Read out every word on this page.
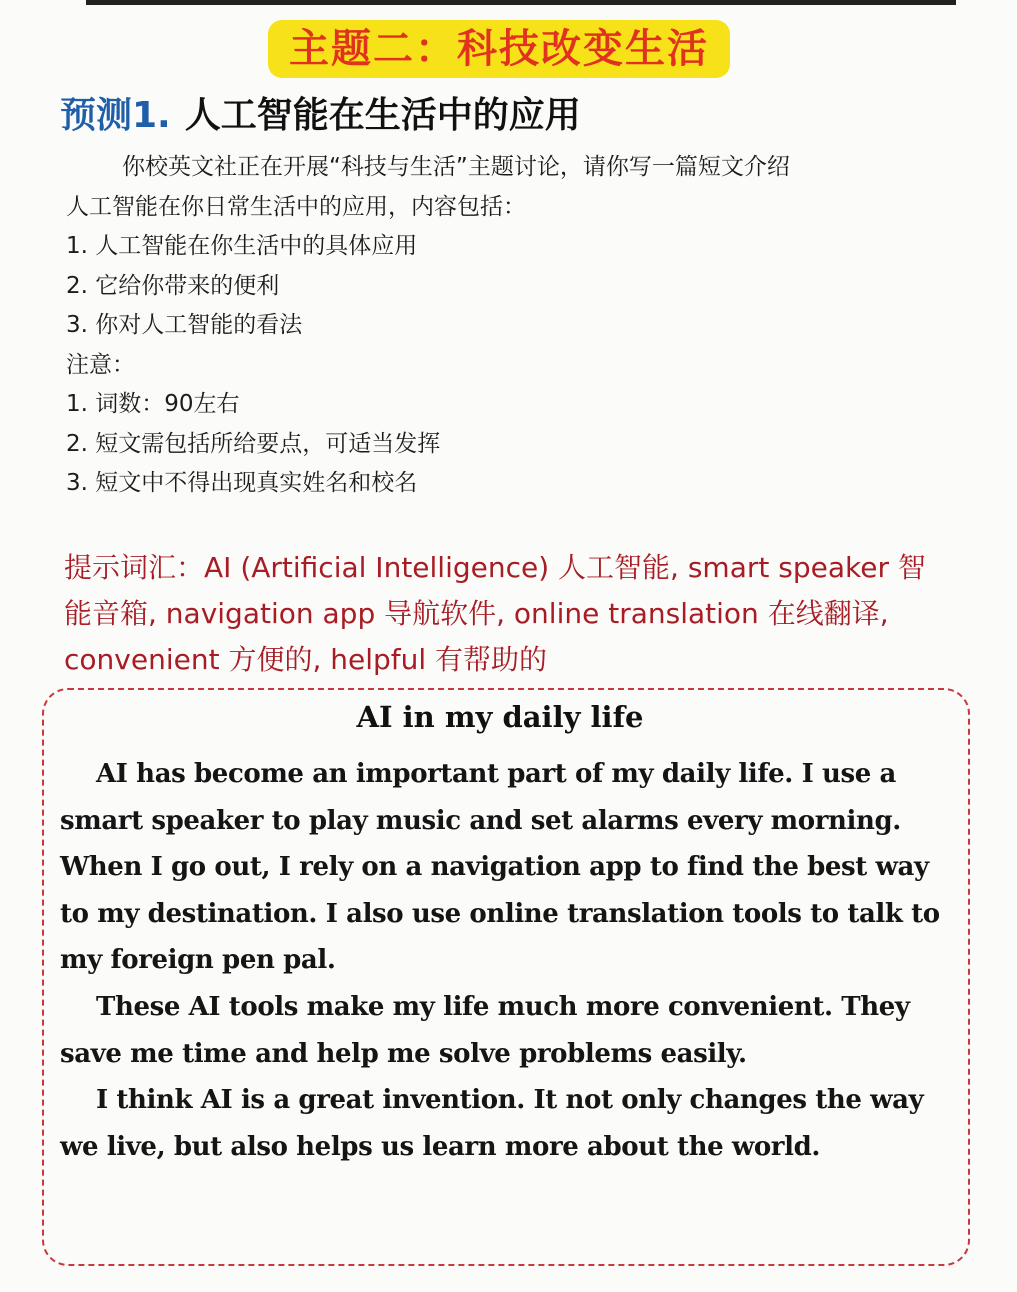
主题二：科技改变生活
预测1. 人工智能在生活中的应用

你校英文社正在开展“科技与生活”主题讨论，请你写一篇短文介绍

人工智能在你日常生活中的应用，内容包括：

1. 人工智能在你生活中的具体应用

2. 它给你带来的便利

3. 你对人工智能的看法

注意：

1. 词数：90左右

2. 短文需包括所给要点，可适当发挥

3. 短文中不得出现真实姓名和校名

提示词汇：AI (Artificial Intelligence) 人工智能, smart speaker 智能音箱, navigation app 导航软件, online translation 在线翻译, convenient 方便的, helpful 有帮助的

AI in my daily life

AI has become an important part of my daily life. I use a smart speaker to play music and set alarms every morning. When I go out, I rely on a navigation app to find the best way to my destination. I also use online translation tools to talk to my foreign pen pal.

These AI tools make my life much more convenient. They save me time and help me solve problems easily.

I think AI is a great invention. It not only changes the way we live, but also helps us learn more about the world.
